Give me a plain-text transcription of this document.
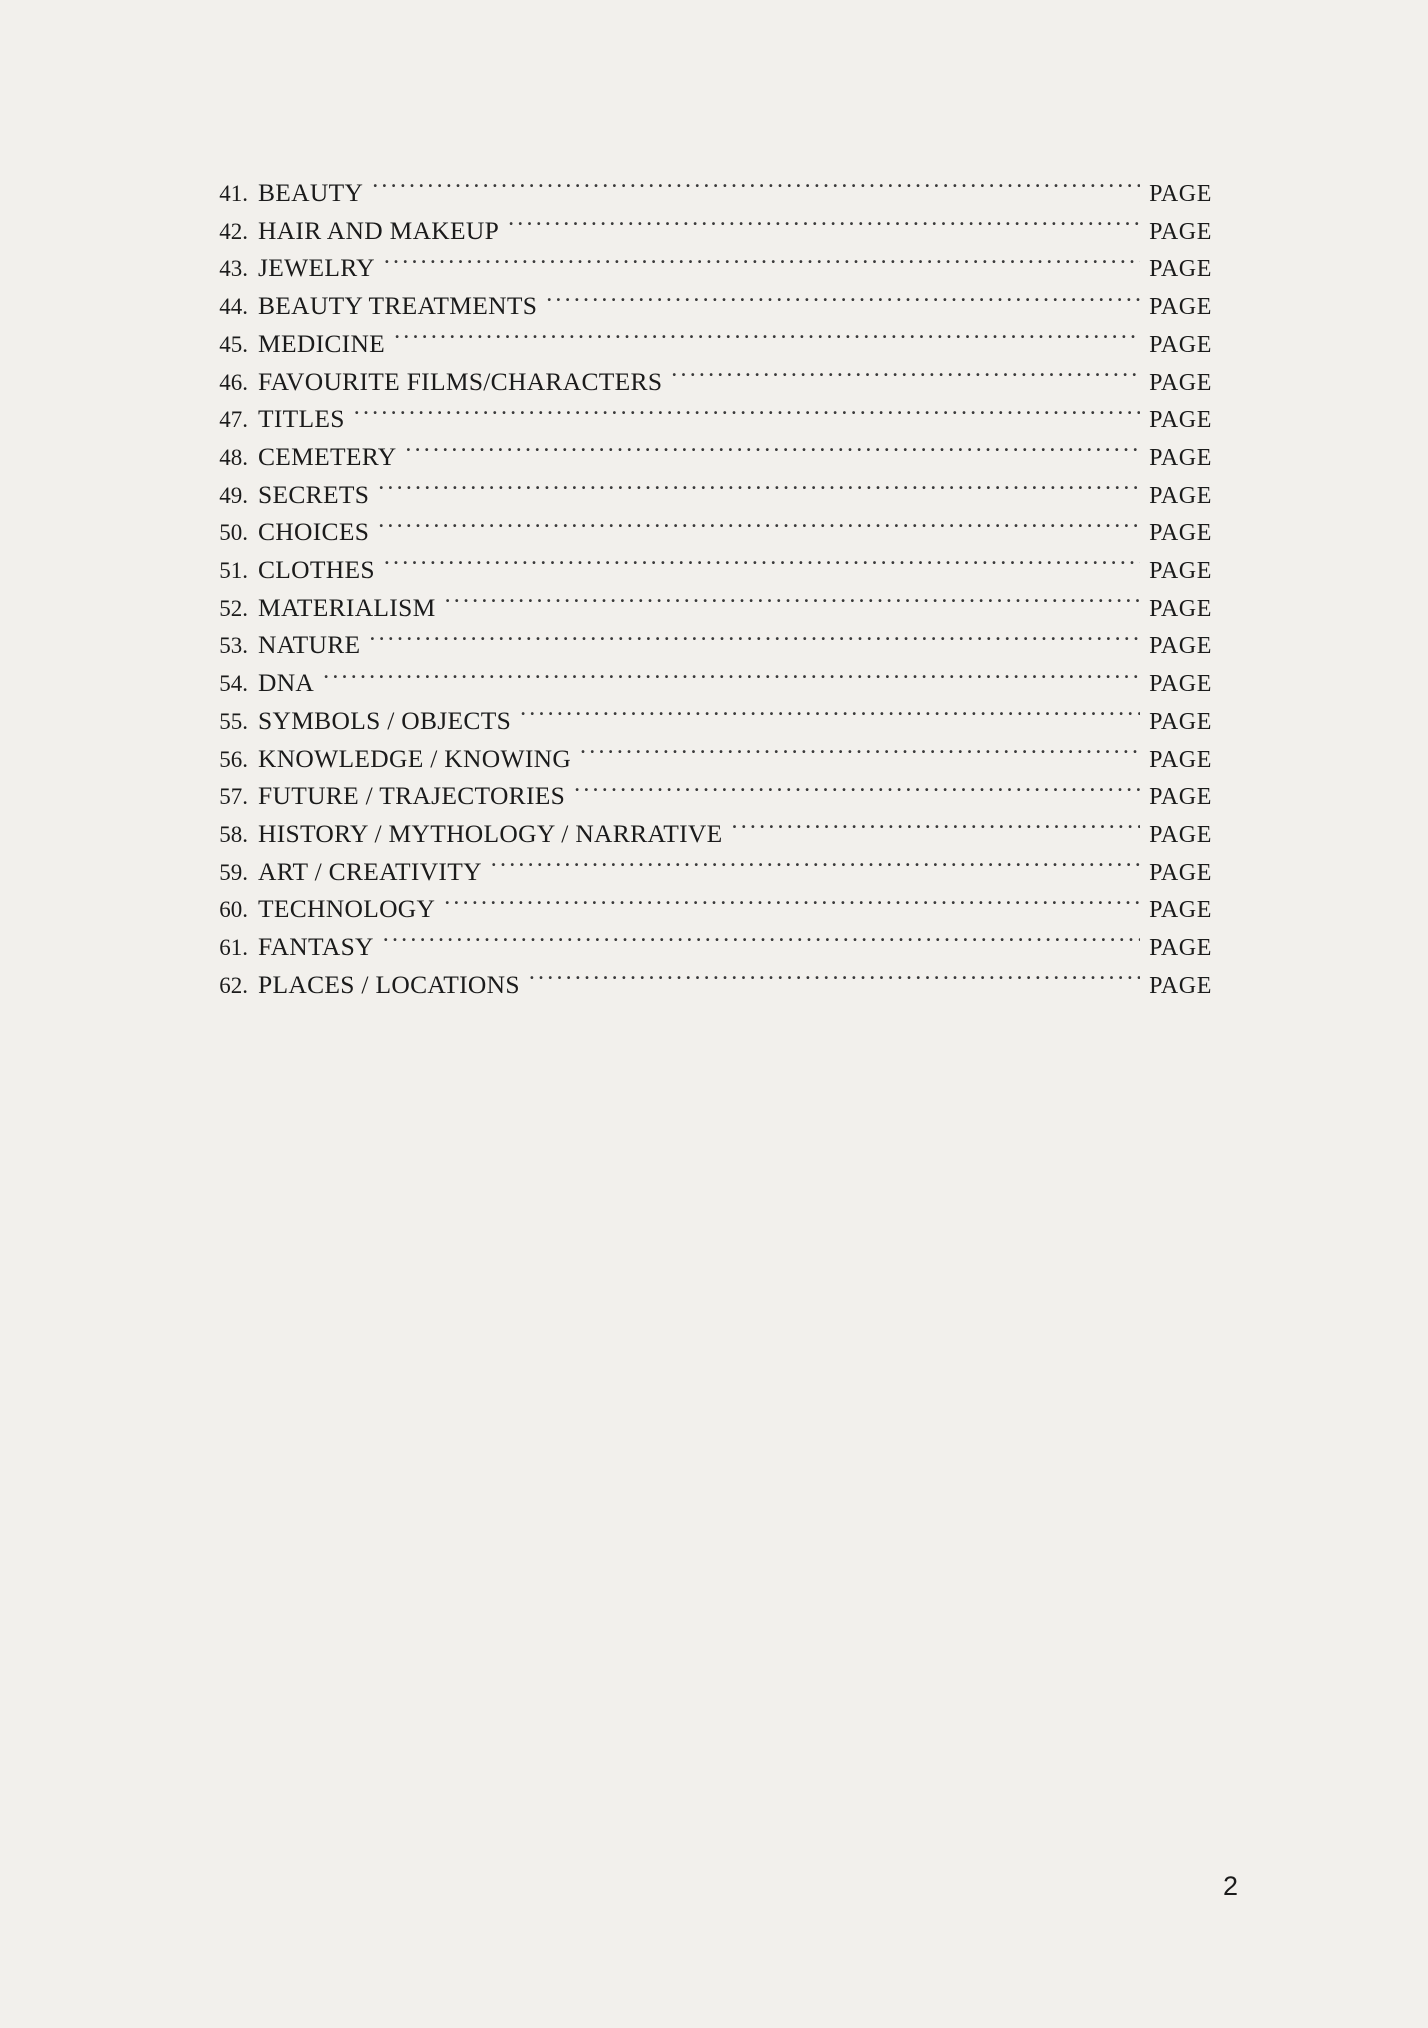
41. BEAUTY .....	PAGE
42. HAIR AND MAKEUP .....	PAGE
43. JEWELRY .....	PAGE
44. BEAUTY TREATMENTS .....	PAGE
45. MEDICINE .....	PAGE
46. FAVOURITE FILMS/CHARACTERS .....	PAGE
47. TITLES .....	PAGE
48. CEMETERY .....	PAGE
49. SECRETS .....	PAGE
50. CHOICES .....	PAGE
51. CLOTHES .....	PAGE
52. MATERIALISM .....	PAGE
53. NATURE .....	PAGE
54. DNA .....	PAGE
55. SYMBOLS / OBJECTS .....	PAGE
56. KNOWLEDGE / KNOWING .....	PAGE
57. FUTURE / TRAJECTORIES .....	PAGE
58. HISTORY / MYTHOLOGY / NARRATIVE .....	PAGE
59. ART / CREATIVITY .....	PAGE
60. TECHNOLOGY .....	PAGE
61. FANTASY .....	PAGE
62. PLACES / LOCATIONS .....	PAGE
2
